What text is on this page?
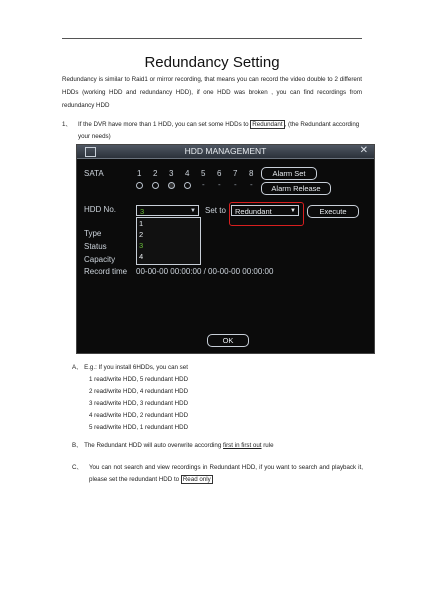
Redundancy Setting
Redundancy is similar to Raid1 or mirror recording, that means you can record the video double to 2 different HDDs (working HDD and redundancy HDD), if one HDD was broken , you can find recordings from redundancy HDD
1、 If the DVR have more than 1 HDD, you can set some HDDs to Redundant , (the Redundant according your needs)
HDD MANAGEMENT	✕
SATA	1 2 3 4 5 6 7 8
- - - -
Alarm Set
Alarm Release
HDD No.	3	▼ Set to	Redundant	▼	Execute
Type
Status
Capacity
Record time 00-00-00 00:00:00 / 00-00-00 00:00:00
1
2
3
4
OK
A、 E.g.: If you install 6HDDs, you can set
1 read/write HDD, 5 redundant HDD
2 read/write HDD, 4 redundant HDD
3 read/write HDD, 3 redundant HDD
4 read/write HDD, 2 redundant HDD
5 read/write HDD, 1 redundant HDD
B、 The Redundant HDD will auto overwrite according first in first out rule
C、 You can not search and view recordings in Redundant HDD, if you want to search and playback it, please set the redundant HDD to Read only
